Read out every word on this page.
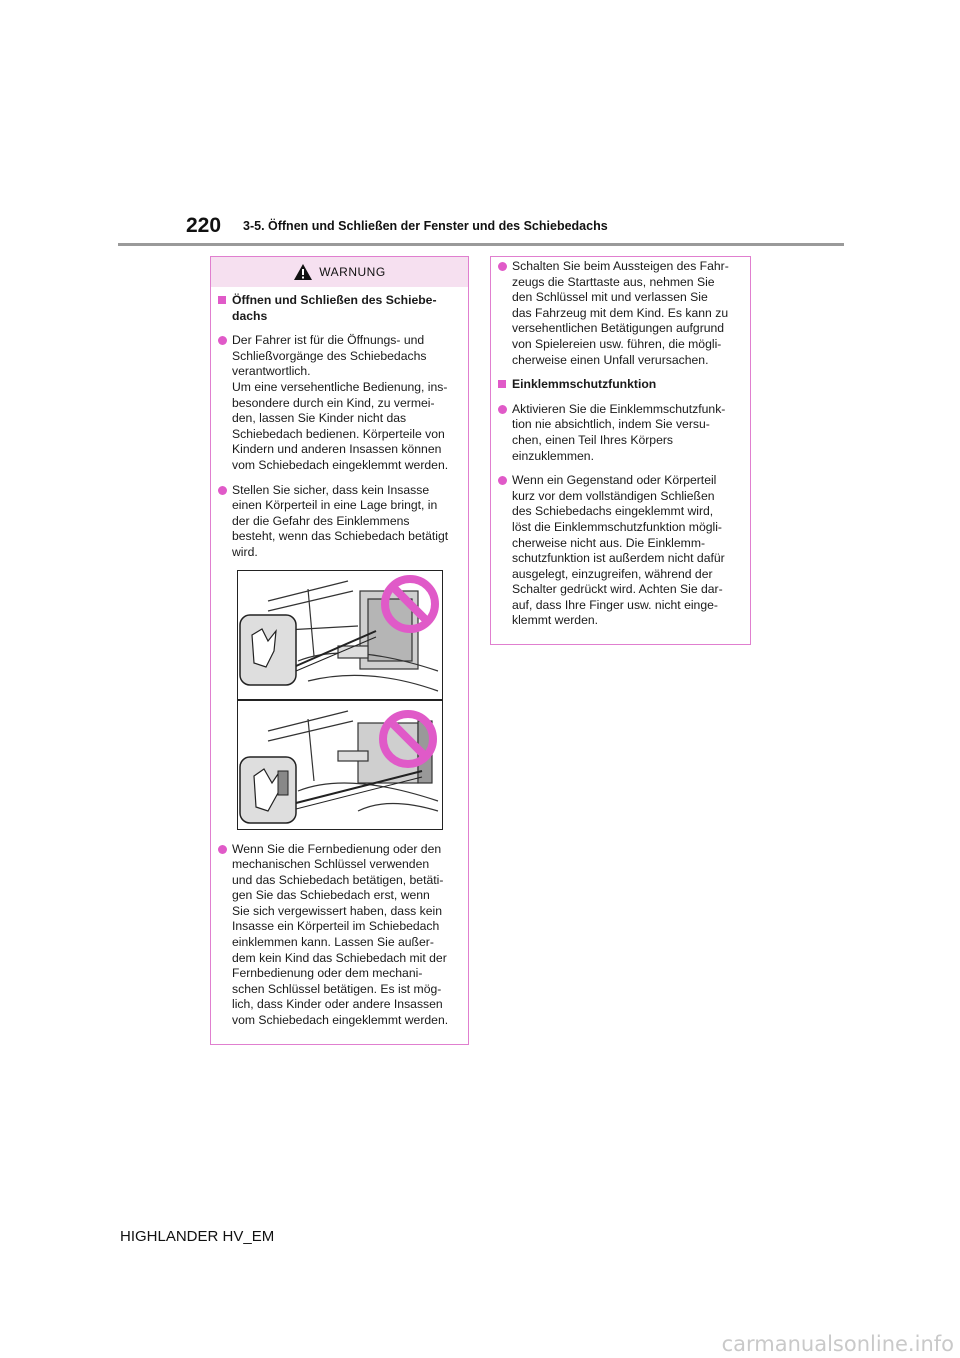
220 3-5. Öffnen und Schließen der Fenster und des Schiebedachs
WARNUNG
Öffnen und Schließen des Schiebe-
dachs
Der Fahrer ist für die Öffnungs- und
Schließvorgänge des Schiebedachs
verantwortlich.
Um eine versehentliche Bedienung, ins-
besondere durch ein Kind, zu vermei-
den, lassen Sie Kinder nicht das
Schiebedach bedienen. Körperteile von
Kindern und anderen Insassen können
vom Schiebedach eingeklemmt werden.
Stellen Sie sicher, dass kein Insasse
einen Körperteil in eine Lage bringt, in
der die Gefahr des Einklemmens
besteht, wenn das Schiebedach betätigt
wird.
Wenn Sie die Fernbedienung oder den
mechanischen Schlüssel verwenden
und das Schiebedach betätigen, betäti-
gen Sie das Schiebedach erst, wenn
Sie sich vergewissert haben, dass kein
Insasse ein Körperteil im Schiebedach
einklemmen kann. Lassen Sie außer-
dem kein Kind das Schiebedach mit der
Fernbedienung oder dem mechani-
schen Schlüssel betätigen. Es ist mög-
lich, dass Kinder oder andere Insassen
vom Schiebedach eingeklemmt werden.
Schalten Sie beim Aussteigen des Fahr-
zeugs die Starttaste aus, nehmen Sie
den Schlüssel mit und verlassen Sie
das Fahrzeug mit dem Kind. Es kann zu
versehentlichen Betätigungen aufgrund
von Spielereien usw. führen, die mögli-
cherweise einen Unfall verursachen.
Einklemmschutzfunktion
Aktivieren Sie die Einklemmschutzfunk-
tion nie absichtlich, indem Sie versu-
chen, einen Teil Ihres Körpers
einzuklemmen.
Wenn ein Gegenstand oder Körperteil
kurz vor dem vollständigen Schließen
des Schiebedachs eingeklemmt wird,
löst die Einklemmschutzfunktion mögli-
cherweise nicht aus. Die Einklemm-
schutzfunktion ist außerdem nicht dafür
ausgelegt, einzugreifen, während der
Schalter gedrückt wird. Achten Sie dar-
auf, dass Ihre Finger usw. nicht einge-
klemmt werden.
HIGHLANDER HV_EM
carmanualsonline.info
